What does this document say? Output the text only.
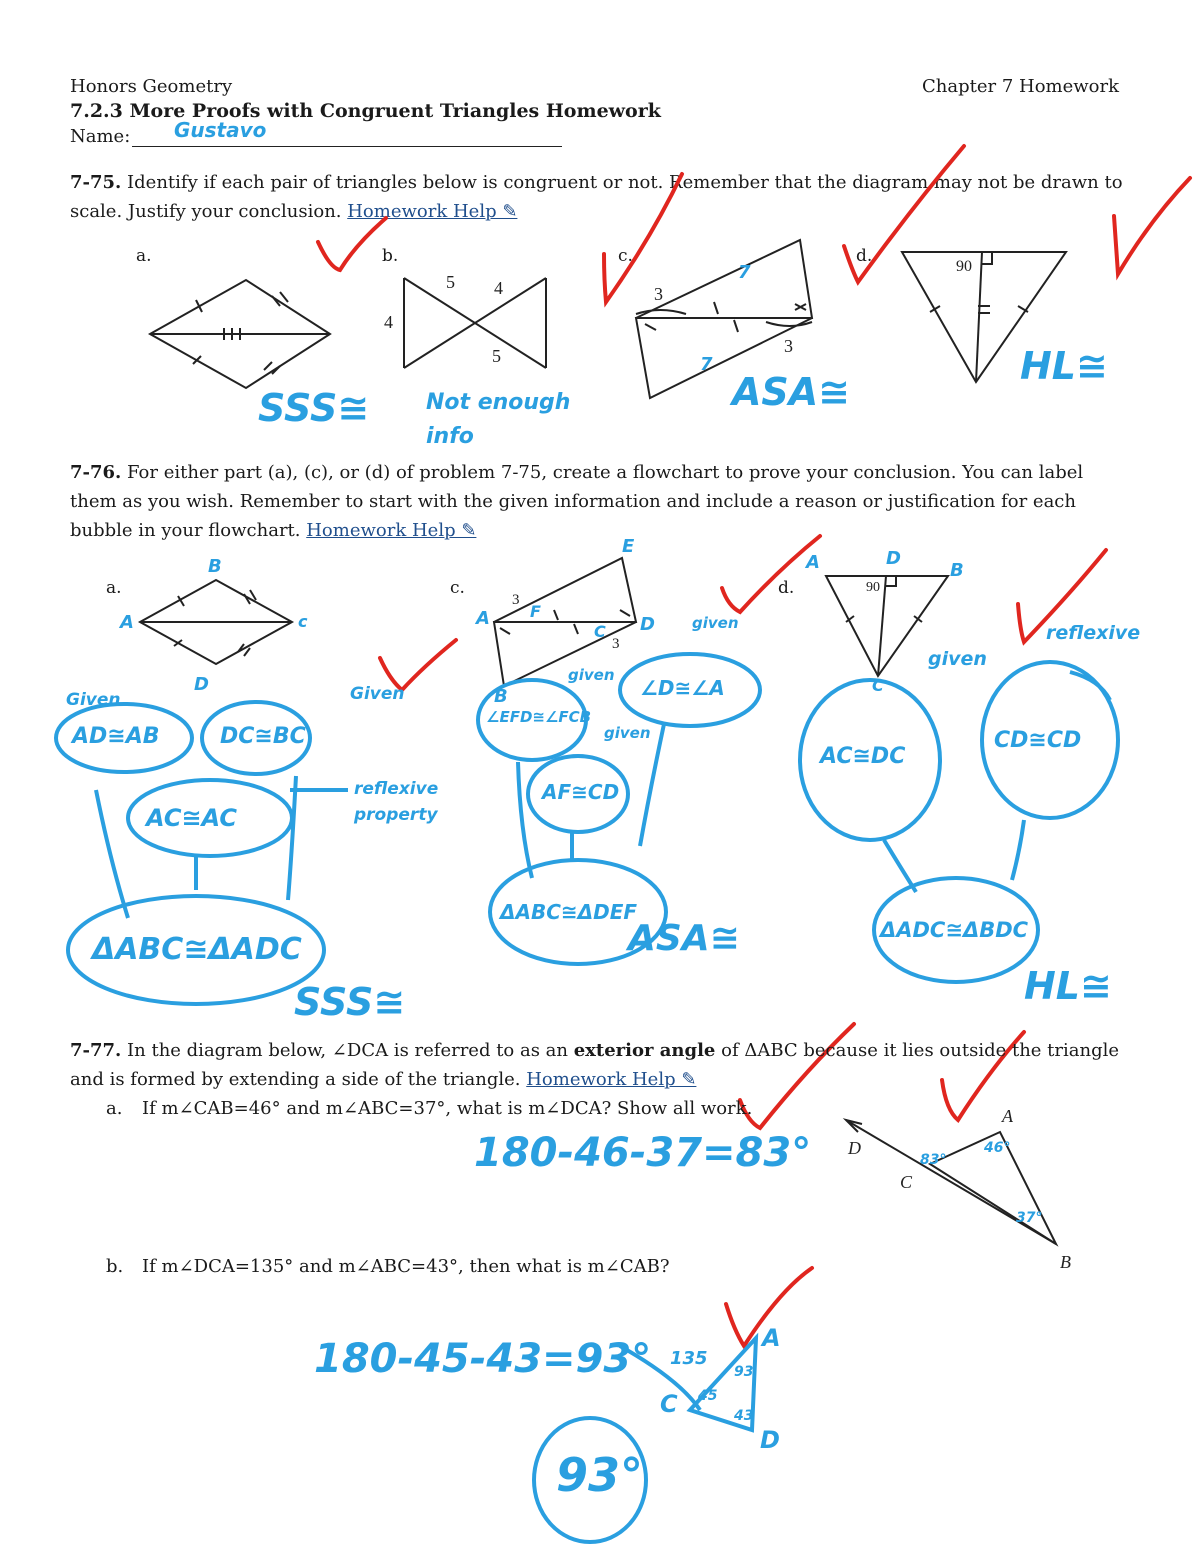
Honors Geometry	Chapter 7 Homework
7.2.3 More Proofs with Congruent Triangles Homework
Name: Gustavo
7-75. Identify if each pair of triangles below is congruent or not. Remember that the diagram may not be drawn to scale. Justify your conclusion. Homework Help ✎
a.	b.	c.	d.
5 4
4
5
3
3
7
7
90
SSS≅	Not enough info
ASA≅
HL≅
7-76. For either part (a), (c), or (d) of problem 7-75, create a flowchart to prove your conclusion. You can label them as you wish. Remember to start with the given information and include a reason or justification for each bubble in your flowchart. Homework Help ✎
a.	c.	d.
B
A	c
D
E
A	F
C D
B
3
3
A	D
B
C
90
Given
AD≅AB
Given
DC≅BC
AC≅AC
reflexive property
ΔABC≅ΔADC
SSS≅
given
∠EFD≅∠FCB
given
∠D≅∠A
given
AF≅CD
ΔABC≅ΔDEF
ASA≅
given
AC≅DC
reflexive
CD≅CD
ΔADC≅ΔBDC
HL≅
7-77. In the diagram below, ∠DCA is referred to as an exterior angle of ΔABC because it lies outside the triangle and is formed by extending a side of the triangle. Homework Help ✎
a. If m∠CAB=46° and m∠ABC=37°, what is m∠DCA? Show all work.
180-46-37=83°
b. If m∠DCA=135° and m∠ABC=43°, then what is m∠CAB?
180-45-43=93°
A
B
C
D
83°
46°
37°
135
45
93
43
C
A
D
93°
